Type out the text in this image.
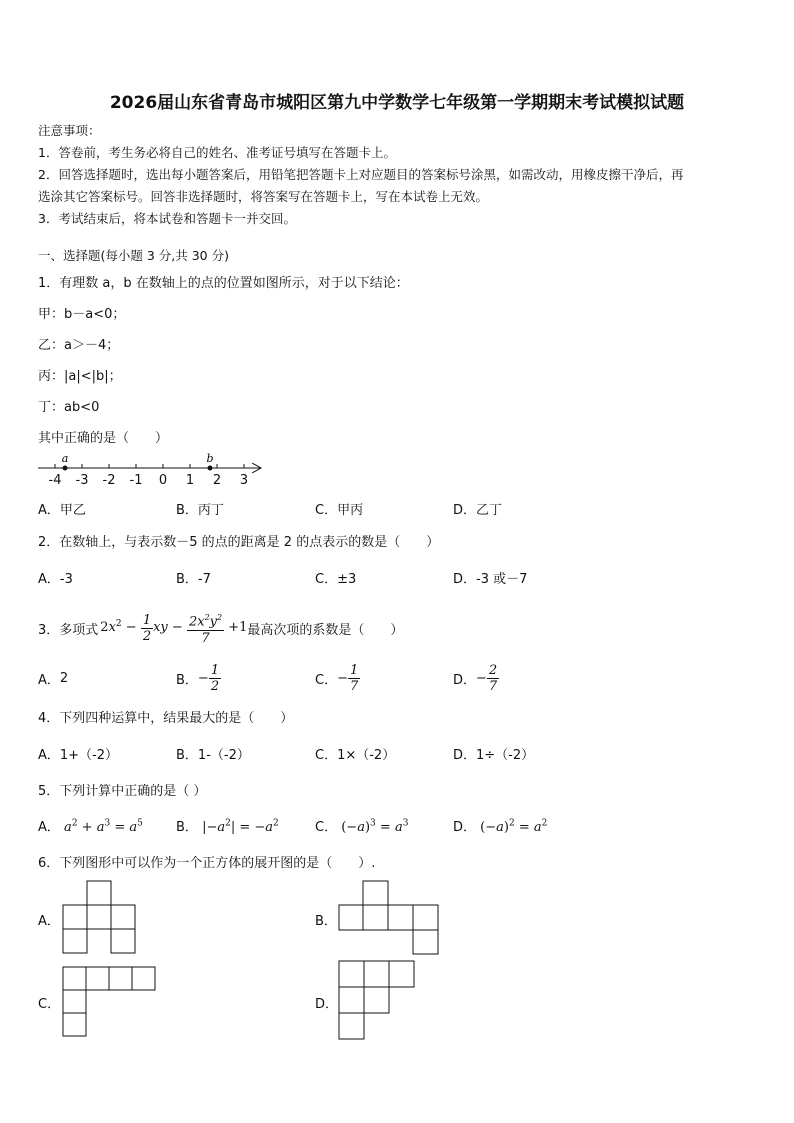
2026届山东省青岛市城阳区第九中学数学七年级第一学期期末考试模拟试题
注意事项：
1．答卷前，考生务必将自己的姓名、准考证号填写在答题卡上。
2．回答选择题时，选出每小题答案后，用铅笔把答题卡上对应题目的答案标号涂黑，如需改动，用橡皮擦干净后，再
选涂其它答案标号。回答非选择题时，将答案写在答题卡上，写在本试卷上无效。
3．考试结束后，将本试卷和答题卡一并交回。
一、选择题(每小题 3 分,共 30 分)
1．有理数 a，b 在数轴上的点的位置如图所示，对于以下结论：
甲：b－a<0；
乙：a＞－4；
丙：|a|<|b|；
丁：ab<0
其中正确的是（　　）
-4 -3 -2 -1 0 1 2 3
a	b
A．甲乙	B．丙丁	C．甲丙	D．乙丁
2．在数轴上，与表示数－5 的点的距离是 2 的点表示的数是（　　）
A．-3	B．-7	C．±3	D．-3 或－7
3．多项式 $2x^2 - \frac{1}{2}$ xy − $\frac{2x^2y^2}{7} +1$ 最高次项的系数是（　　）
A． 2	B． − $\frac{1}{2}$	C． − $\frac{1}{7}$	D． − $\frac{2}{7}$
4．下列四种运算中，结果最大的是（　　）
A．1+（-2）	B．1-（-2）	C．1×（-2）	D．1÷（-2）
5．下列计算中正确的是（ ）
A． $a^2 + a^3 = a^5$	B． $|-a^2| = -a^2$	C． $(-a)^3 = a^3$	D． $(-a)^2 = a^2$
6．下列图形中可以作为一个正方体的展开图的是（　　）.
A．	B．
C．	D．
